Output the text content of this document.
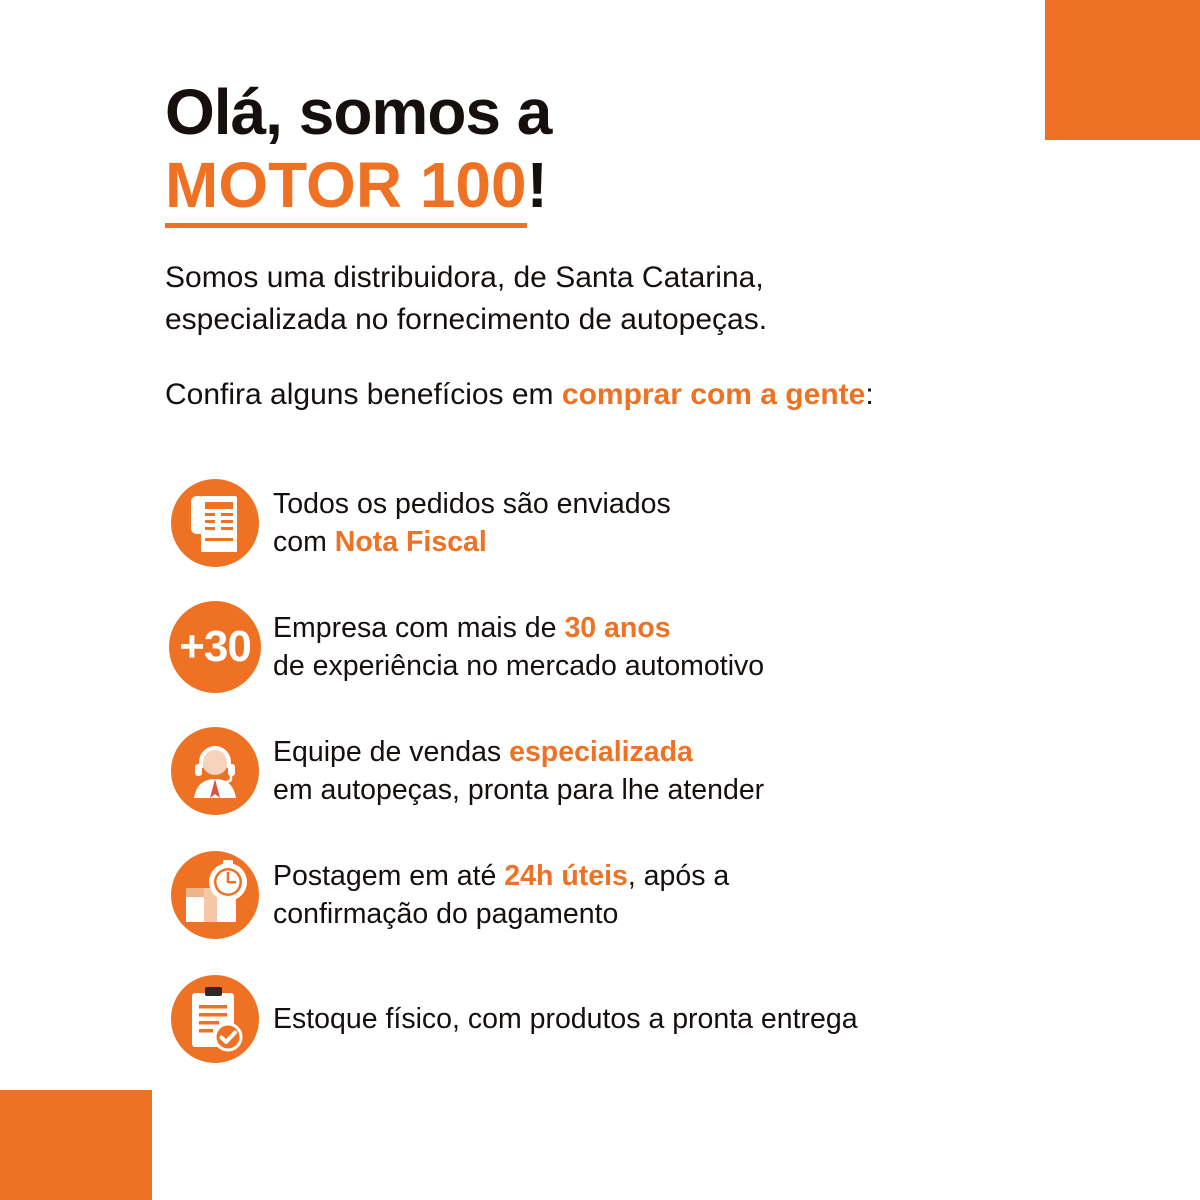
Olá, somos a
MOTOR 100!
Somos uma distribuidora, de Santa Catarina,
especializada no fornecimento de autopeças.
Confira alguns benefícios em comprar com a gente:
Todos os pedidos são enviados
com Nota Fiscal
+30 Empresa com mais de 30 anos
de experiência no mercado automotivo
Equipe de vendas especializada
em autopeças, pronta para lhe atender
Postagem em até 24h úteis, após a
confirmação do pagamento
Estoque físico, com produtos a pronta entrega
